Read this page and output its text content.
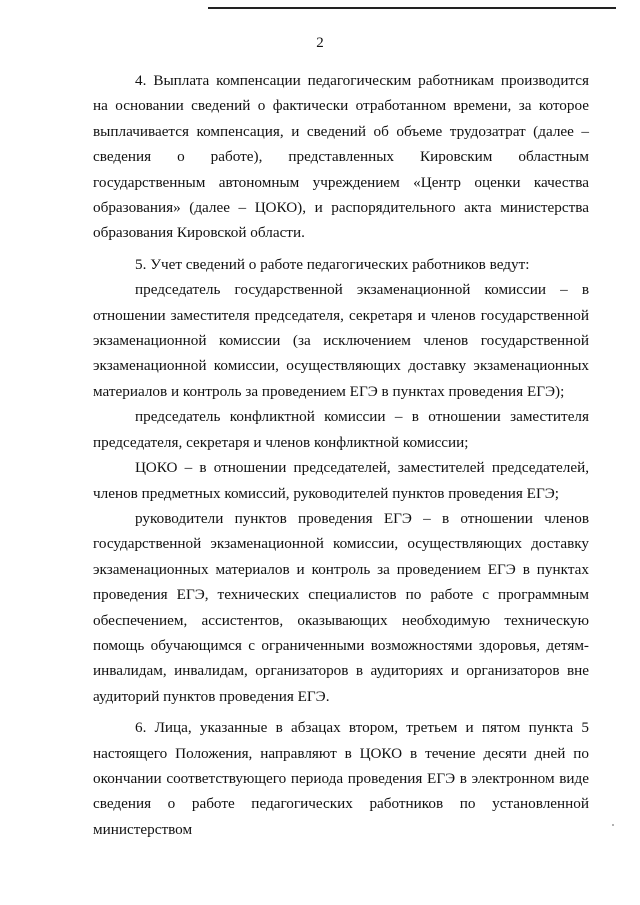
2

4. Выплата компенсации педагогическим работникам производится на основании сведений о фактически отработанном времени, за которое выплачивается компенсация, и сведений об объеме трудозатрат (далее – сведения о работе), представленных Кировским областным государственным автономным учреждением «Центр оценки качества образования» (далее – ЦОКО), и распорядительного акта министерства образования Кировской области.

5. Учет сведений о работе педагогических работников ведут:

председатель государственной экзаменационной комиссии – в отношении заместителя председателя, секретаря и членов государственной экзаменационной комиссии (за исключением членов государственной экзаменационной комиссии, осуществляющих доставку экзаменационных материалов и контроль за проведением ЕГЭ в пунктах проведения ЕГЭ);

председатель конфликтной комиссии – в отношении заместителя председателя, секретаря и членов конфликтной комиссии;

ЦОКО – в отношении председателей, заместителей председателей, членов предметных комиссий, руководителей пунктов проведения ЕГЭ;

руководители пунктов проведения ЕГЭ – в отношении членов государственной экзаменационной комиссии, осуществляющих доставку экзаменационных материалов и контроль за проведением ЕГЭ в пунктах проведения ЕГЭ, технических специалистов по работе с программным обеспечением, ассистентов, оказывающих необходимую техническую помощь обучающимся с ограниченными возможностями здоровья, детям-инвалидам, инвалидам, организаторов в аудиториях и организаторов вне аудиторий пунктов проведения ЕГЭ.

6. Лица, указанные в абзацах втором, третьем и пятом пункта 5 настоящего Положения, направляют в ЦОКО в течение десяти дней по окончании соответствующего периода проведения ЕГЭ в электронном виде сведения о работе педагогических работников по установленной министерством
